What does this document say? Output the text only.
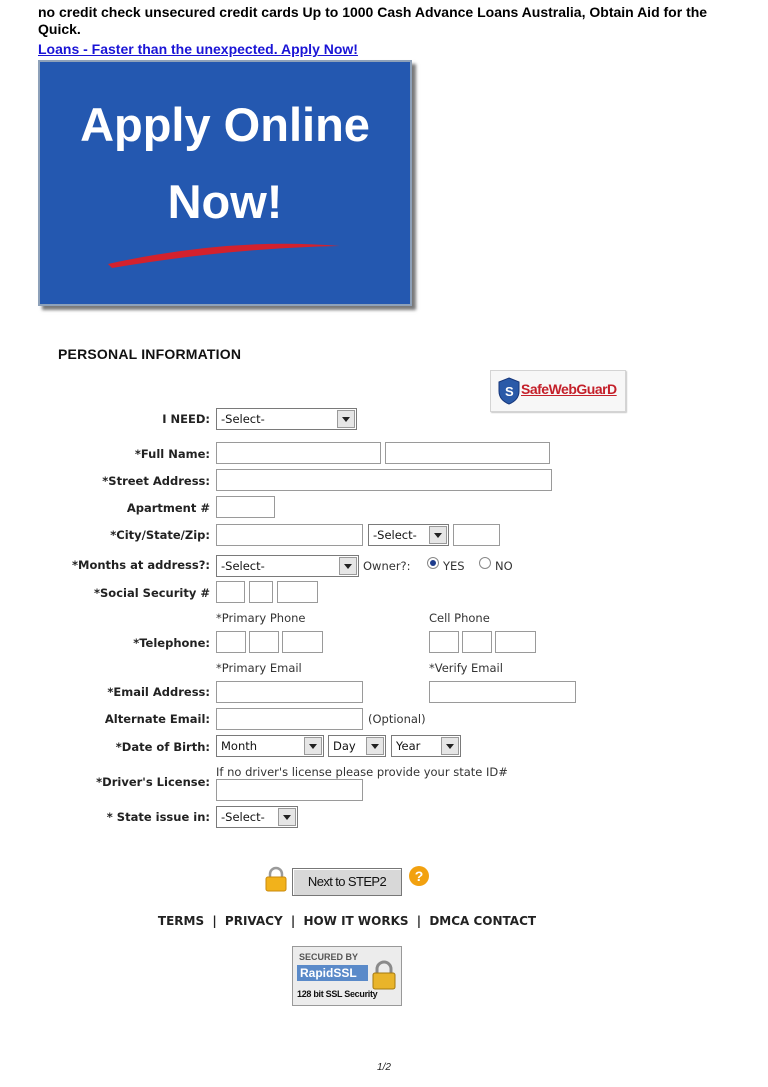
no credit check unsecured credit cards Up to 1000 Cash Advance Loans Australia, Obtain Aid for the Quick.
Loans - Faster than the unexpected. Apply Now!
Apply Online
Now!
PERSONAL INFORMATION
S SafeWebGuarD
I NEED: -Select-
*Full Name:
*Street Address:
Apartment #
*City/State/Zip:	-Select-
*Months at address?: -Select-	Owner?:	YES	NO
*Social Security #
*Primary Phone	Cell Phone
*Telephone:
*Primary Email	*Verify Email
*Email Address:
Alternate Email:	(Optional)
*Date of Birth: Month	Day	Year
If no driver's license please provide your state ID#
*Driver's License:
* State issue in: -Select-
Next to STEP2	?
TERMS | PRIVACY | HOW IT WORKS | DMCA CONTACT
SECURED BY
RapidSSL
128 bit SSL Security
1/2
